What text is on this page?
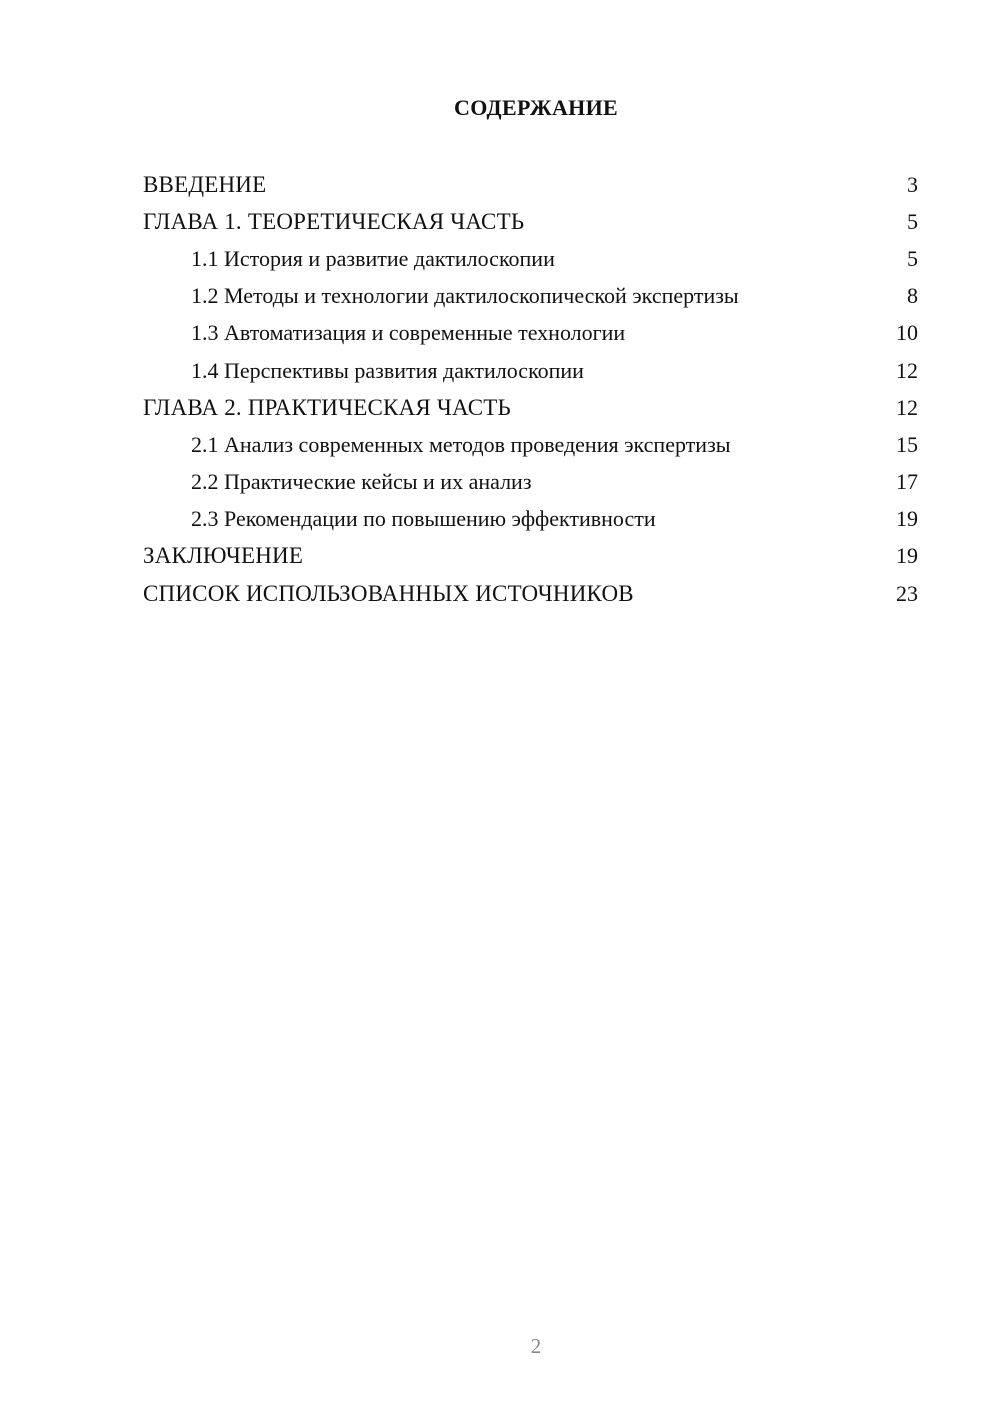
СОДЕРЖАНИЕ
ВВЕДЕНИЕ	3
ГЛАВА 1. ТЕОРЕТИЧЕСКАЯ ЧАСТЬ	5
1.1 История и развитие дактилоскопии	5
1.2 Методы и технологии дактилоскопической экспертизы	8
1.3 Автоматизация и современные технологии	10
1.4 Перспективы развития дактилоскопии	12
ГЛАВА 2. ПРАКТИЧЕСКАЯ ЧАСТЬ	12
2.1 Анализ современных методов проведения экспертизы	15
2.2 Практические кейсы и их анализ	17
2.3 Рекомендации по повышению эффективности	19
ЗАКЛЮЧЕНИЕ	19
СПИСОК ИСПОЛЬЗОВАННЫХ ИСТОЧНИКОВ	23
2
